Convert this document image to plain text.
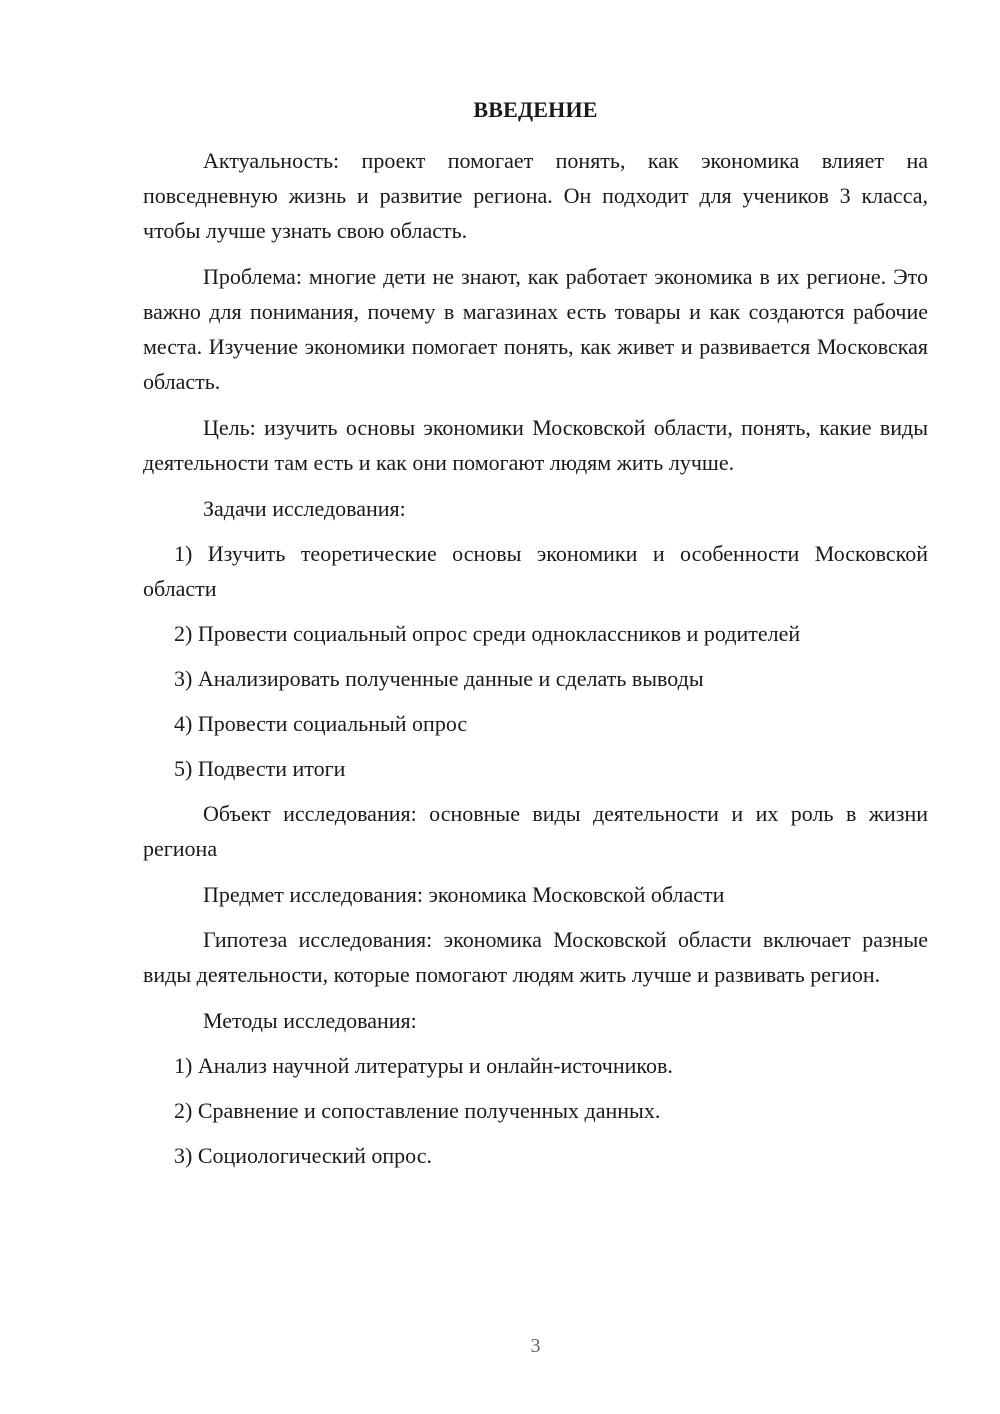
ВВЕДЕНИЕ

Актуальность: проект помогает понять, как экономика влияет на повседневную жизнь и развитие региона. Он подходит для учеников 3 класса, чтобы лучше узнать свою область.

Проблема: многие дети не знают, как работает экономика в их регионе. Это важно для понимания, почему в магазинах есть товары и как создаются рабочие места. Изучение экономики помогает понять, как живет и развивается Московская область.

Цель: изучить основы экономики Московской области, понять, какие виды деятельности там есть и как они помогают людям жить лучше.

Задачи исследования:

1) Изучить теоретические основы экономики и особенности Московской области

2) Провести социальный опрос среди одноклассников и родителей

3) Анализировать полученные данные и сделать выводы

4) Провести социальный опрос

5) Подвести итоги

Объект исследования: основные виды деятельности и их роль в жизни региона

Предмет исследования: экономика Московской области

Гипотеза исследования: экономика Московской области включает разные виды деятельности, которые помогают людям жить лучше и развивать регион.

Методы исследования:

1) Анализ научной литературы и онлайн-источников.

2) Сравнение и сопоставление полученных данных.

3) Социологический опрос.

3
